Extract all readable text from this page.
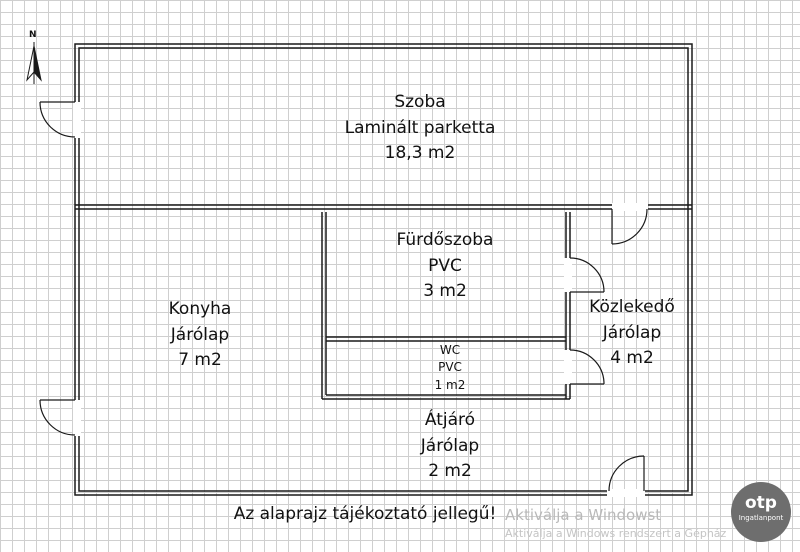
N
Szoba
Laminált parketta
18,3 m2
Fürdőszoba
PVC
3 m2
Konyha
Járólap
7 m2
Közlekedő
Járólap
4 m2
WC
PVC
1 m2
Átjáró
Járólap
2 m2
Az alaprajz tájékoztató jellegű! Aktiválja a Windowst
Aktiválja a Windows rendszert a Gépház
otp
Ingatlanpont
